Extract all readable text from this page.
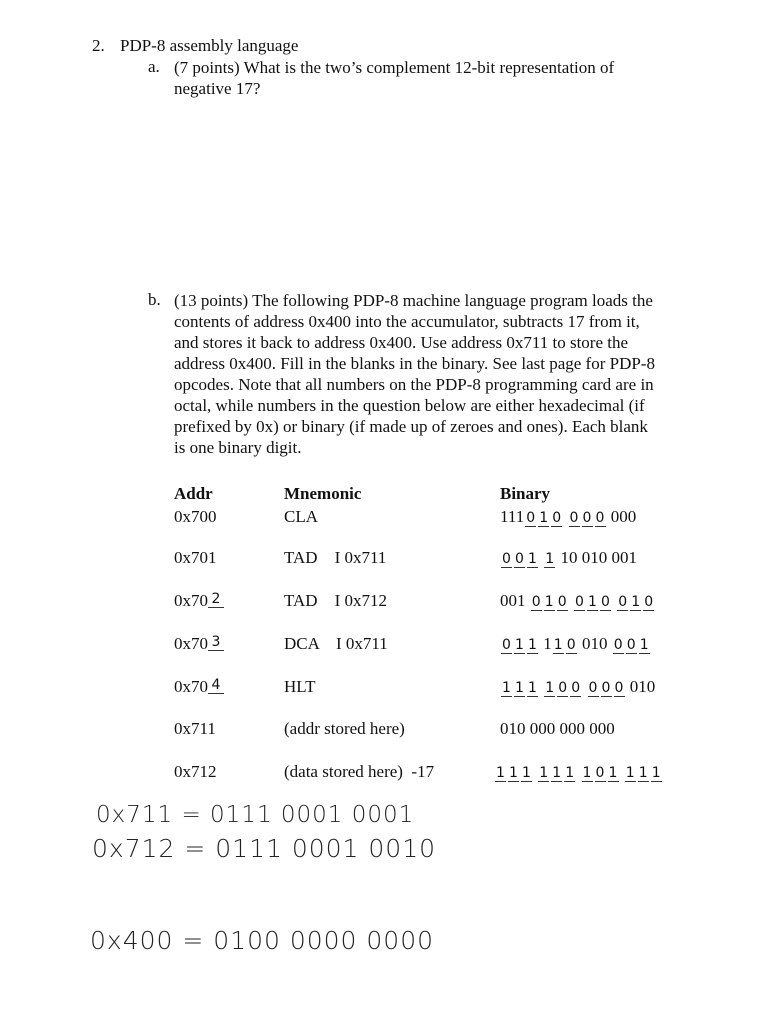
2. PDP-8 assembly language
a. (7 points) What is the two’s complement 12-bit representation of
negative 17?
b. (13 points) The following PDP-8 machine language program loads the
contents of address 0x400 into the accumulator, subtracts 17 from it,
and stores it back to address 0x400. Use address 0x711 to store the
address 0x400. Fill in the blanks in the binary. See last page for PDP-8
opcodes. Note that all numbers on the PDP-8 programming card are in
octal, while numbers in the question below are either hexadecimal (if
prefixed by 0x) or binary (if made up of zeroes and ones). Each blank
is one binary digit.
Addr	Mnemonic	Binary
0x700	CLA	111 0 1 0 0 0 0 000
0x701	TAD    I 0x711	0 0 1 1 10 010 001
0x70 2	TAD    I 0x712	001 0 1 0 0 1 0 0 1 0
0x70 3	DCA    I 0x711	0 1 1 1 1 0 010 0 0 1
0x70 4	HLT	1 1 1 1 0 0 0 0 0 010
0x711	(addr stored here)	010 000 000 000
0x712	(data stored here)  -17	1 1 1 1 1 1 1 0 1 1 1 1
0x711 = 0111 0001 0001
0x712 = 0111 0001 0010
0x400 = 0100 0000 0000
